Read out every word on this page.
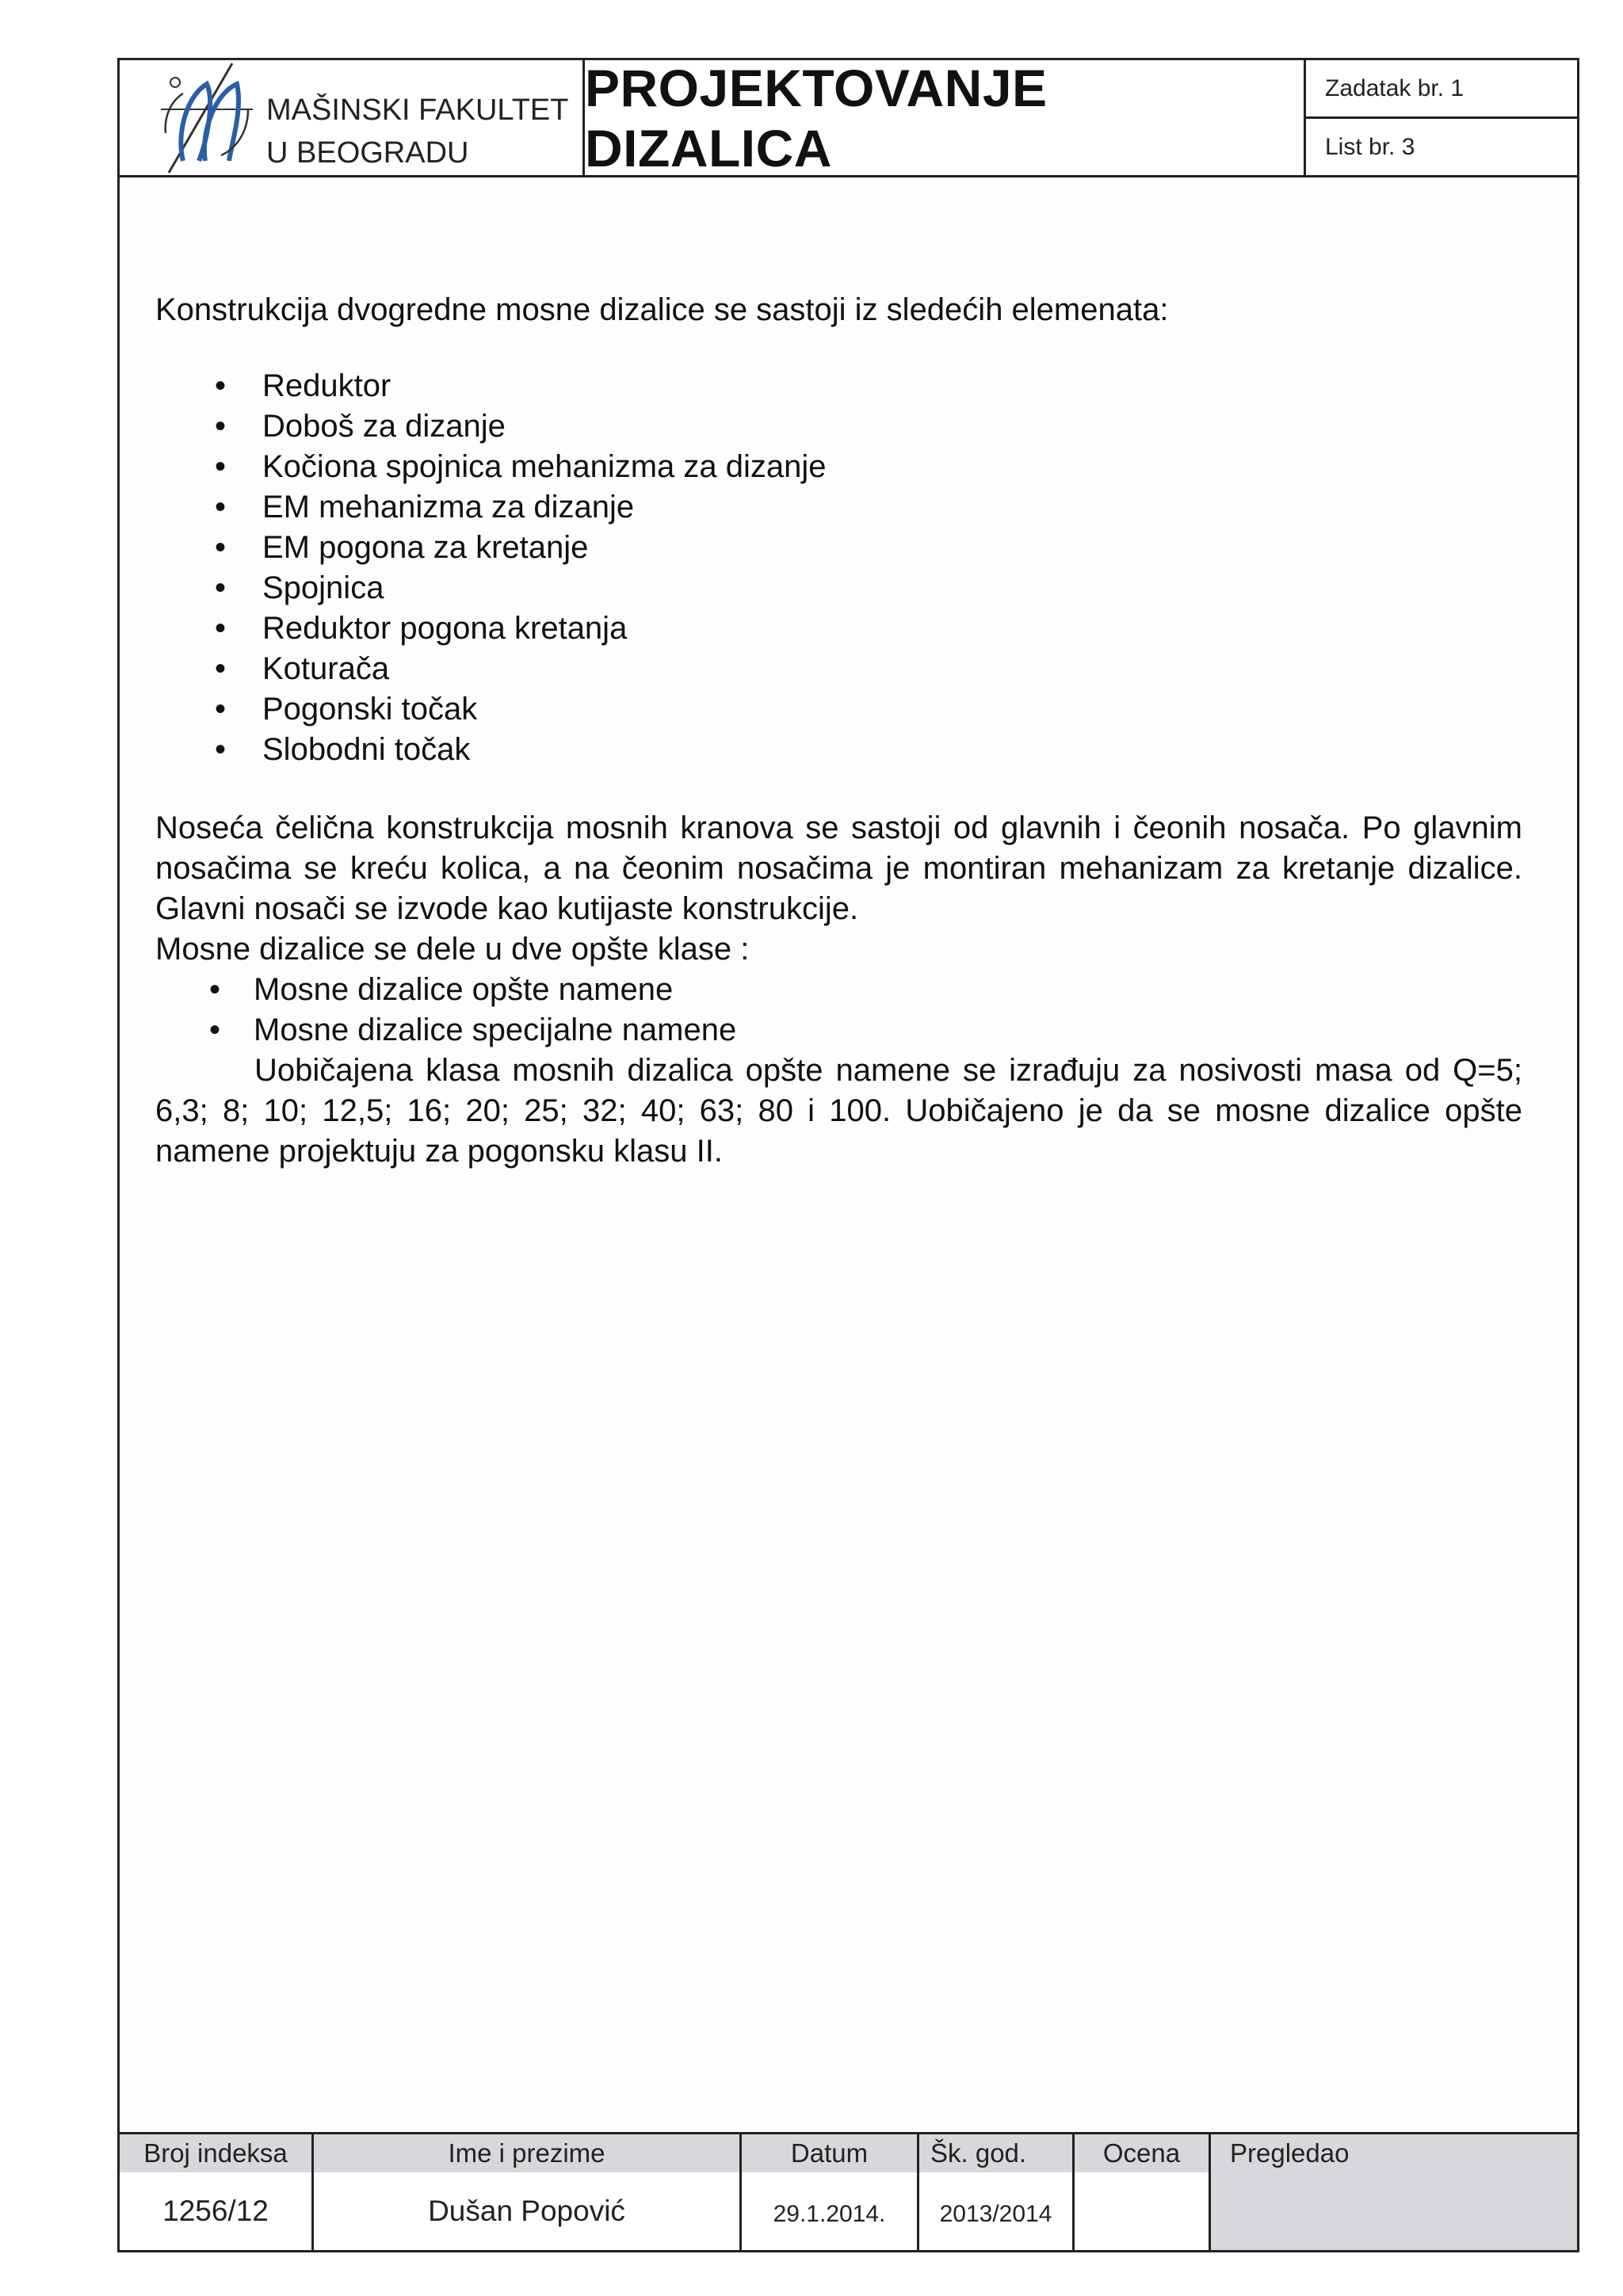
MAŠINSKI FAKULTET
U BEOGRADU
PROJEKTOVANJE DIZALICA
Zadatak br. 1
List br. 3

Konstrukcija dvogredne mosne dizalice se sastoji iz sledećih elemenata:

• Reduktor
• Doboš za dizanje
• Kočiona spojnica mehanizma za dizanje
• EM mehanizma za dizanje
• EM pogona za kretanje
• Spojnica
• Reduktor pogona kretanja
• Koturača
• Pogonski točak
• Slobodni točak

Noseća čelična konstrukcija mosnih kranova se sastoji od glavnih i čeonih nosača. Po glavnim nosačima se kreću kolica, a na čeonim nosačima je montiran mehanizam za kretanje dizalice. Glavni nosači se izvode kao kutijaste konstrukcije.

Mosne dizalice se dele u dve opšte klase :

• Mosne dizalice opšte namene
• Mosne dizalice specijalne namene

Uobičajena klasa mosnih dizalica opšte namene se izrađuju za nosivosti masa od Q=5; 6,3; 8; 10; 12,5; 16; 20; 25; 32; 40; 63; 80 i 100. Uobičajeno je da se mosne dizalice opšte namene projektuju za pogonsku klasu II.

Broj indeksa
1256/12
Ime i prezime
Dušan Popović
Datum
29.1.2014.
Šk. god.
2013/2014
Ocena	Pregledao
